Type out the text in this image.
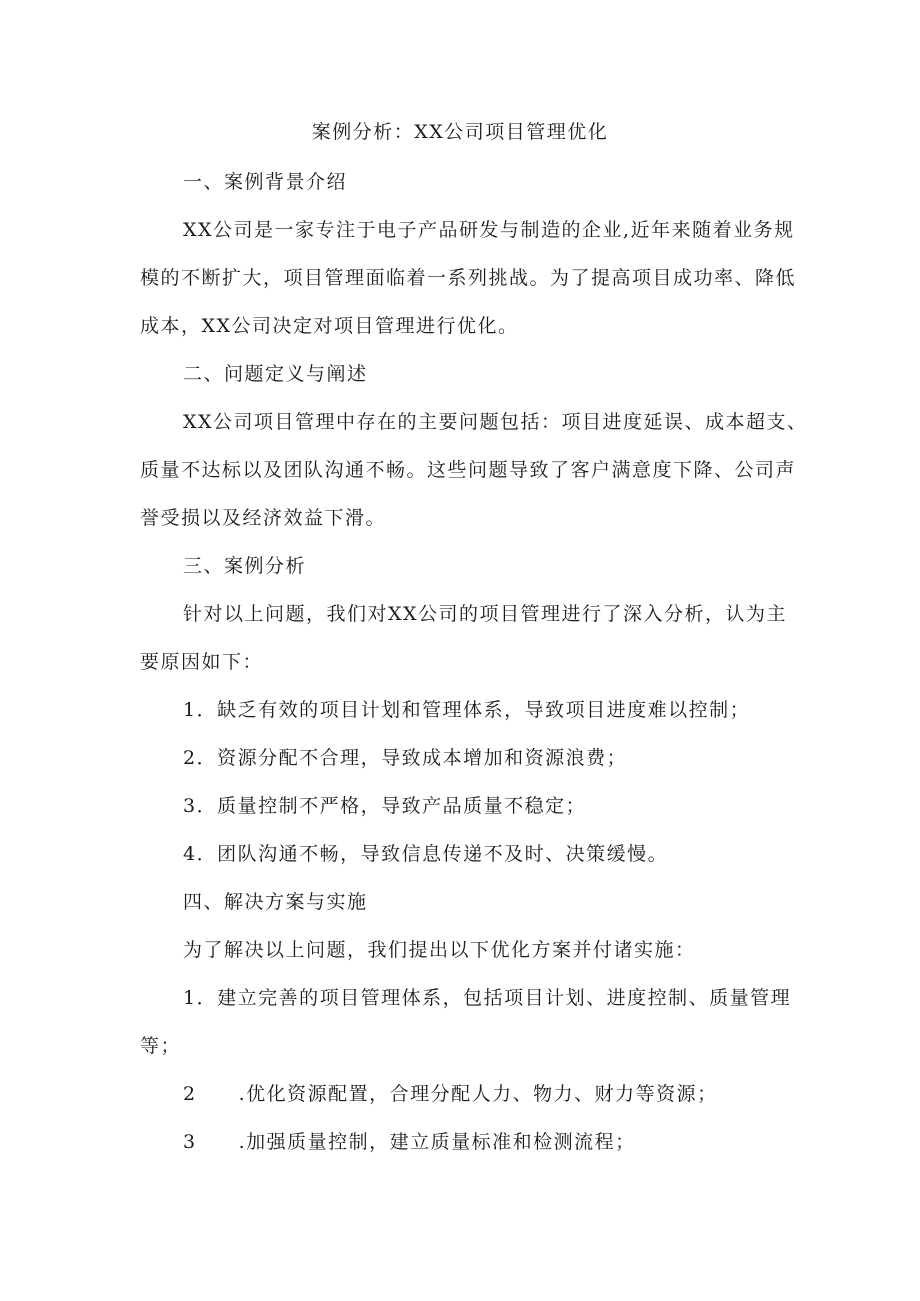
案例分析：XX公司项目管理优化
一、案例背景介绍
XX公司是一家专注于电子产品研发与制造的企业,近年来随着业务规
模的不断扩大，项目管理面临着一系列挑战。为了提高项目成功率、降低
成本，XX公司决定对项目管理进行优化。
二、问题定义与阐述
XX公司项目管理中存在的主要问题包括：项目进度延误、成本超支、
质量不达标以及团队沟通不畅。这些问题导致了客户满意度下降、公司声
誉受损以及经济效益下滑。
三、案例分析
针对以上问题，我们对XX公司的项目管理进行了深入分析，认为主
要原因如下：
1．缺乏有效的项目计划和管理体系，导致项目进度难以控制；
2．资源分配不合理，导致成本增加和资源浪费；
3．质量控制不严格，导致产品质量不稳定；
4．团队沟通不畅，导致信息传递不及时、决策缓慢。
四、解决方案与实施
为了解决以上问题，我们提出以下优化方案并付诸实施：
1．建立完善的项目管理体系，包括项目计划、进度控制、质量管理
等；
2 .优化资源配置，合理分配人力、物力、财力等资源；
3 .加强质量控制，建立质量标准和检测流程；
